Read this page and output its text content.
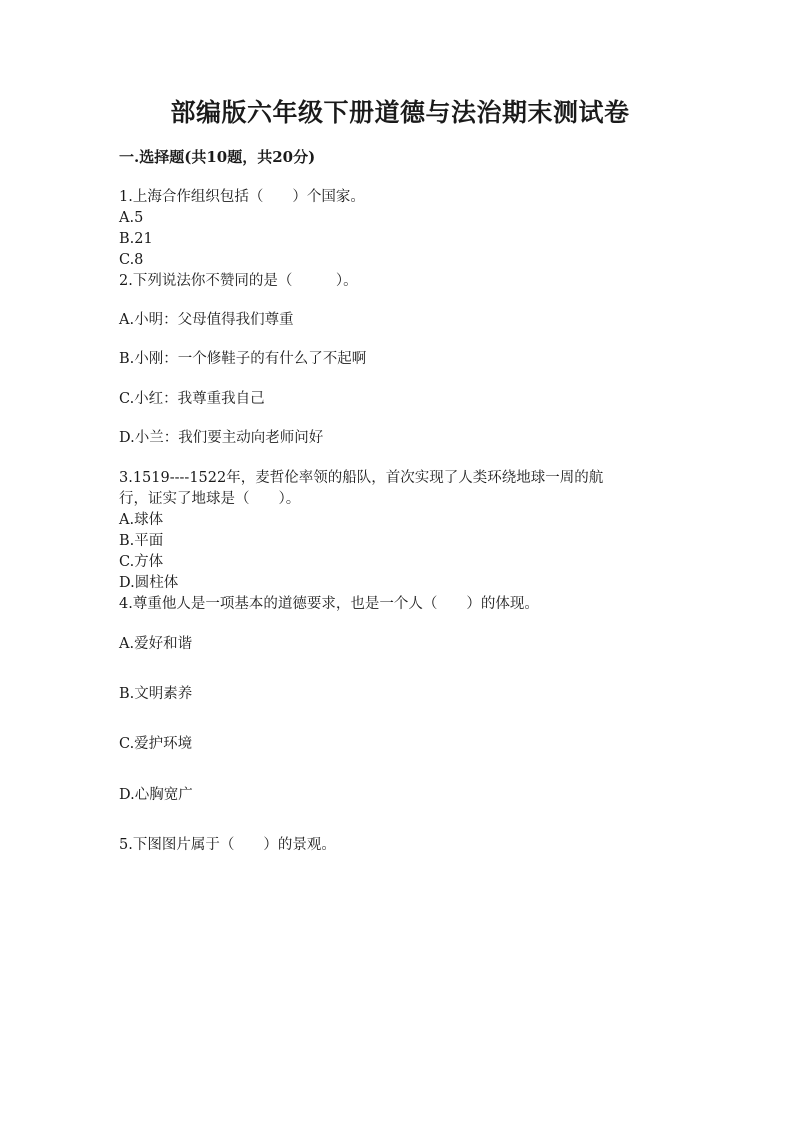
部编版六年级下册道德与法治期末测试卷
一.选择题(共10题，共20分)

1.上海合作组织包括（　　）个国家。

A.5

B.21

C.8

2.下列说法你不赞同的是（　　　）。

A.小明：父母值得我们尊重

B.小刚：一个修鞋子的有什么了不起啊

C.小红：我尊重我自己

D.小兰：我们要主动向老师问好

3.1519----1522年，麦哲伦率领的船队，首次实现了人类环绕地球一周的航

行，证实了地球是（　　）。

A.球体

B.平面

C.方体

D.圆柱体

4.尊重他人是一项基本的道德要求，也是一个人（　　）的体现。

A.爱好和谐

B.文明素养

C.爱护环境

D.心胸宽广

5.下图图片属于（　　）的景观。
